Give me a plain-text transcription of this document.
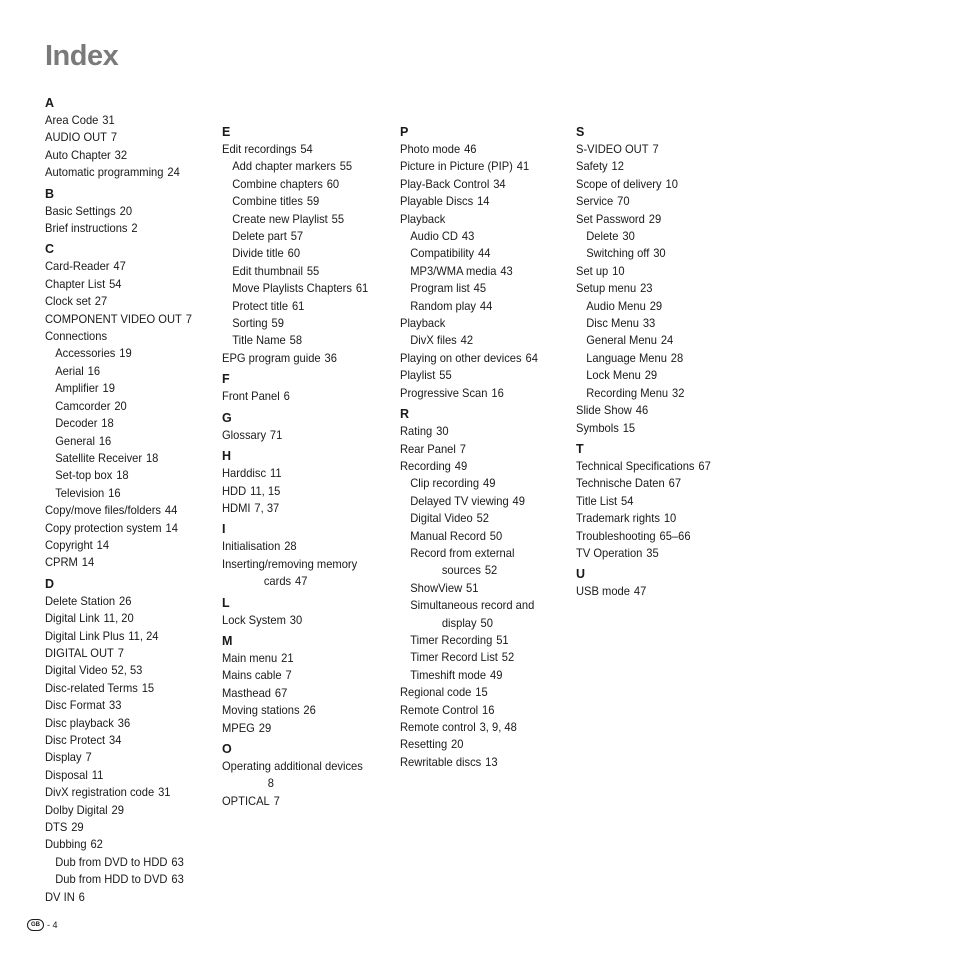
Index
A
Area Code 31
AUDIO OUT 7
Auto Chapter 32
Automatic programming 24
B
Basic Settings 20
Brief instructions 2
C
Card-Reader 47
Chapter List 54
Clock set 27
COMPONENT VIDEO OUT 7
Connections
Accessories 19
Aerial 16
Amplifier 19
Camcorder 20
Decoder 18
General 16
Satellite Receiver 18
Set-top box 18
Television 16
Copy/move files/folders 44
Copy protection system 14
Copyright 14
CPRM 14
D
Delete Station 26
Digital Link 11, 20
Digital Link Plus 11, 24
DIGITAL OUT 7
Digital Video 52, 53
Disc-related Terms 15
Disc Format 33
Disc playback 36
Disc Protect 34
Display 7
Disposal 11
DivX registration code 31
Dolby Digital 29
DTS 29
Dubbing 62
Dub from DVD to HDD 63
Dub from HDD to DVD 63
DV IN 6
E
Edit recordings 54
Add chapter markers 55
Combine chapters 60
Combine titles 59
Create new Playlist 55
Delete part 57
Divide title 60
Edit thumbnail 55
Move Playlists Chapters 61
Protect title 61
Sorting 59
Title Name 58
EPG program guide 36
F
Front Panel 6
G
Glossary 71
H
Harddisc 11
HDD 11, 15
HDMI 7, 37
I
Initialisation 28
Inserting/removing memory
cards 47
L
Lock System 30
M
Main menu 21
Mains cable 7
Masthead 67
Moving stations 26
MPEG 29
O
Operating additional devices
8
OPTICAL 7
P
Photo mode 46
Picture in Picture (PIP) 41
Play-Back Control 34
Playable Discs 14
Playback
Audio CD 43
Compatibility 44
MP3/WMA media 43
Program list 45
Random play 44
Playback
DivX files 42
Playing on other devices 64
Playlist 55
Progressive Scan 16
R
Rating 30
Rear Panel 7
Recording 49
Clip recording 49
Delayed TV viewing 49
Digital Video 52
Manual Record 50
Record from external
sources 52
ShowView 51
Simultaneous record and
display 50
Timer Recording 51
Timer Record List 52
Timeshift mode 49
Regional code 15
Remote Control 16
Remote control 3, 9, 48
Resetting 20
Rewritable discs 13
S
S-VIDEO OUT 7
Safety 12
Scope of delivery 10
Service 70
Set Password 29
Delete 30
Switching off 30
Set up 10
Setup menu 23
Audio Menu 29
Disc Menu 33
General Menu 24
Language Menu 28
Lock Menu 29
Recording Menu 32
Slide Show 46
Symbols 15
T
Technical Specifications 67
Technische Daten 67
Title List 54
Trademark rights 10
Troubleshooting 65–66
TV Operation 35
U
USB mode 47
GB - 4
